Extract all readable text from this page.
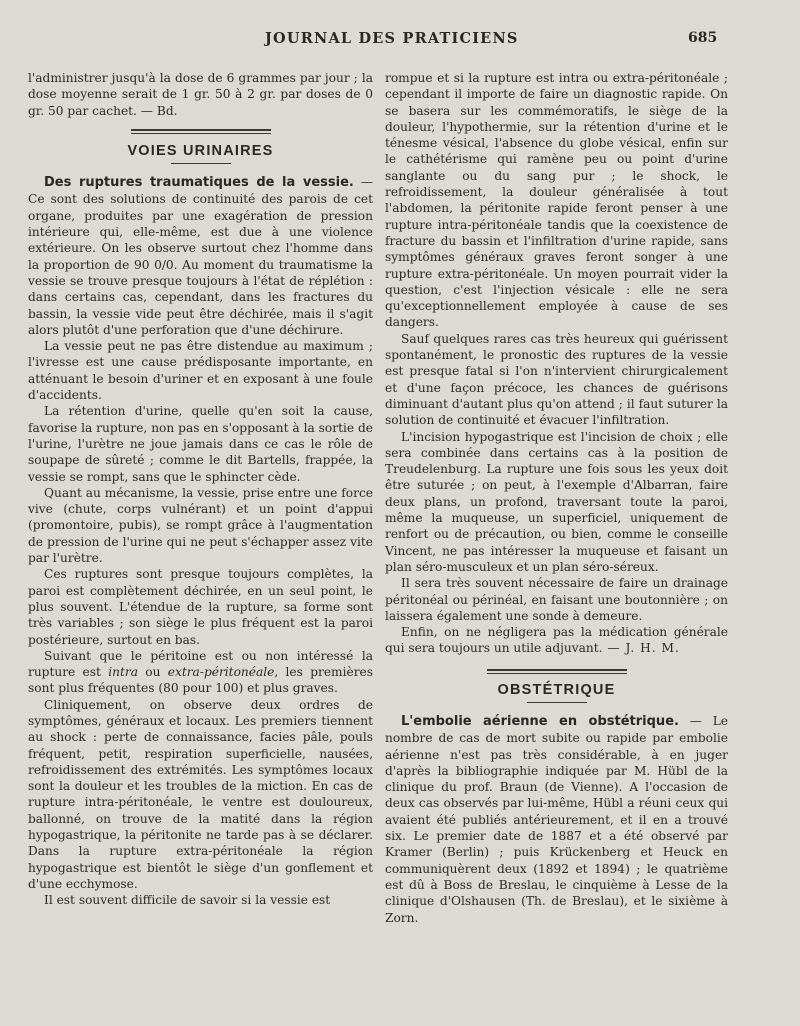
JOURNAL DES PRATICIENS	685

l'administrer jusqu'à la dose de 6 grammes par jour ; la dose moyenne serait de 1 gr. 50 à 2 gr. par doses de 0 gr. 50 par cachet. — Bd.

VOIES URINAIRES

Des ruptures traumatiques de la vessie. — Ce sont des solutions de continuité des parois de cet organe, produites par une exagération de pression intérieure qui, elle-même, est due à une violence extérieure. On les observe surtout chez l'homme dans la proportion de 90 0/0. Au moment du traumatisme la vessie se trouve presque toujours à l'état de réplétion : dans certains cas, cependant, dans les fractures du bassin, la vessie vide peut être déchirée, mais il s'agit alors plutôt d'une perforation que d'une déchirure.

La vessie peut ne pas être distendue au maximum ; l'ivresse est une cause prédisposante importante, en atténuant le besoin d'uriner et en exposant à une foule d'accidents.

La rétention d'urine, quelle qu'en soit la cause, favorise la rupture, non pas en s'opposant à la sortie de l'urine, l'urètre ne joue jamais dans ce cas le rôle de soupape de sûreté ; comme le dit Bartells, frappée, la vessie se rompt, sans que le sphincter cède.

Quant au mécanisme, la vessie, prise entre une force vive (chute, corps vulnérant) et un point d'appui (promontoire, pubis), se rompt grâce à l'augmentation de pression de l'urine qui ne peut s'échapper assez vite par l'urètre.

Ces ruptures sont presque toujours complètes, la paroi est complètement déchirée, en un seul point, le plus souvent. L'étendue de la rupture, sa forme sont très variables ; son siège le plus fréquent est la paroi postérieure, surtout en bas.

Suivant que le péritoine est ou non intéressé la rupture est intra ou extra-péritonéale, les premières sont plus fréquentes (80 pour 100) et plus graves.

Cliniquement, on observe deux ordres de symptômes, généraux et locaux. Les premiers tiennent au shock : perte de connaissance, facies pâle, pouls fréquent, petit, respiration superficielle, nausées, refroidissement des extrémités. Les symptômes locaux sont la douleur et les troubles de la miction. En cas de rupture intra-péritonéale, le ventre est douloureux, ballonné, on trouve de la matité dans la région hypogastrique, la péritonite ne tarde pas à se déclarer. Dans la rupture extra-péritonéale la région hypogastrique est bientôt le siège d'un gonflement et d'une ecchymose.

Il est souvent difficile de savoir si la vessie est

rompue et si la rupture est intra ou extra-péritonéale ; cependant il importe de faire un diagnostic rapide. On se basera sur les commémoratifs, le siège de la douleur, l'hypothermie, sur la rétention d'urine et le ténesme vésical, l'absence du globe vésical, enfin sur le cathétérisme qui ramène peu ou point d'urine sanglante ou du sang pur ; le shock, le refroidissement, la douleur généralisée à tout l'abdomen, la péritonite rapide feront penser à une rupture intra-péritonéale tandis que la coexistence de fracture du bassin et l'infiltration d'urine rapide, sans symptômes généraux graves feront songer à une rupture extra-péritonéale. Un moyen pourrait vider la question, c'est l'injection vésicale : elle ne sera qu'exceptionnellement employée à cause de ses dangers.

Sauf quelques rares cas très heureux qui guérissent spontanément, le pronostic des ruptures de la vessie est presque fatal si l'on n'intervient chirurgicalement et d'une façon précoce, les chances de guérisons diminuant d'autant plus qu'on attend ; il faut suturer la solution de continuité et évacuer l'infiltration.

L'incision hypogastrique est l'incision de choix ; elle sera combinée dans certains cas à la position de Treudelenburg. La rupture une fois sous les yeux doit être suturée ; on peut, à l'exemple d'Albarran, faire deux plans, un profond, traversant toute la paroi, même la muqueuse, un superficiel, uniquement de renfort ou de précaution, ou bien, comme le conseille Vincent, ne pas intéresser la muqueuse et faisant un plan séro-musculeux et un plan séro-séreux.

Il sera très souvent nécessaire de faire un drainage péritonéal ou périnéal, en faisant une boutonnière ; on laissera également une sonde à demeure.

Enfin, on ne négligera pas la médication générale qui sera toujours un utile adjuvant. — J. H. M.

OBSTÉTRIQUE

L'embolie aérienne en obstétrique. — Le nombre de cas de mort subite ou rapide par embolie aérienne n'est pas très considérable, à en juger d'après la bibliographie indiquée par M. Hübl de la clinique du prof. Braun (de Vienne). A l'occasion de deux cas observés par lui-même, Hübl a réuni ceux qui avaient été publiés antérieurement, et il en a trouvé six. Le premier date de 1887 et a été observé par Kramer (Berlin) ; puis Krückenberg et Heuck en communiquèrent deux (1892 et 1894) ; le quatrième est dû à Boss de Breslau, le cinquième à Lesse de la clinique d'Olshausen (Th. de Breslau), et le sixième à Zorn.
